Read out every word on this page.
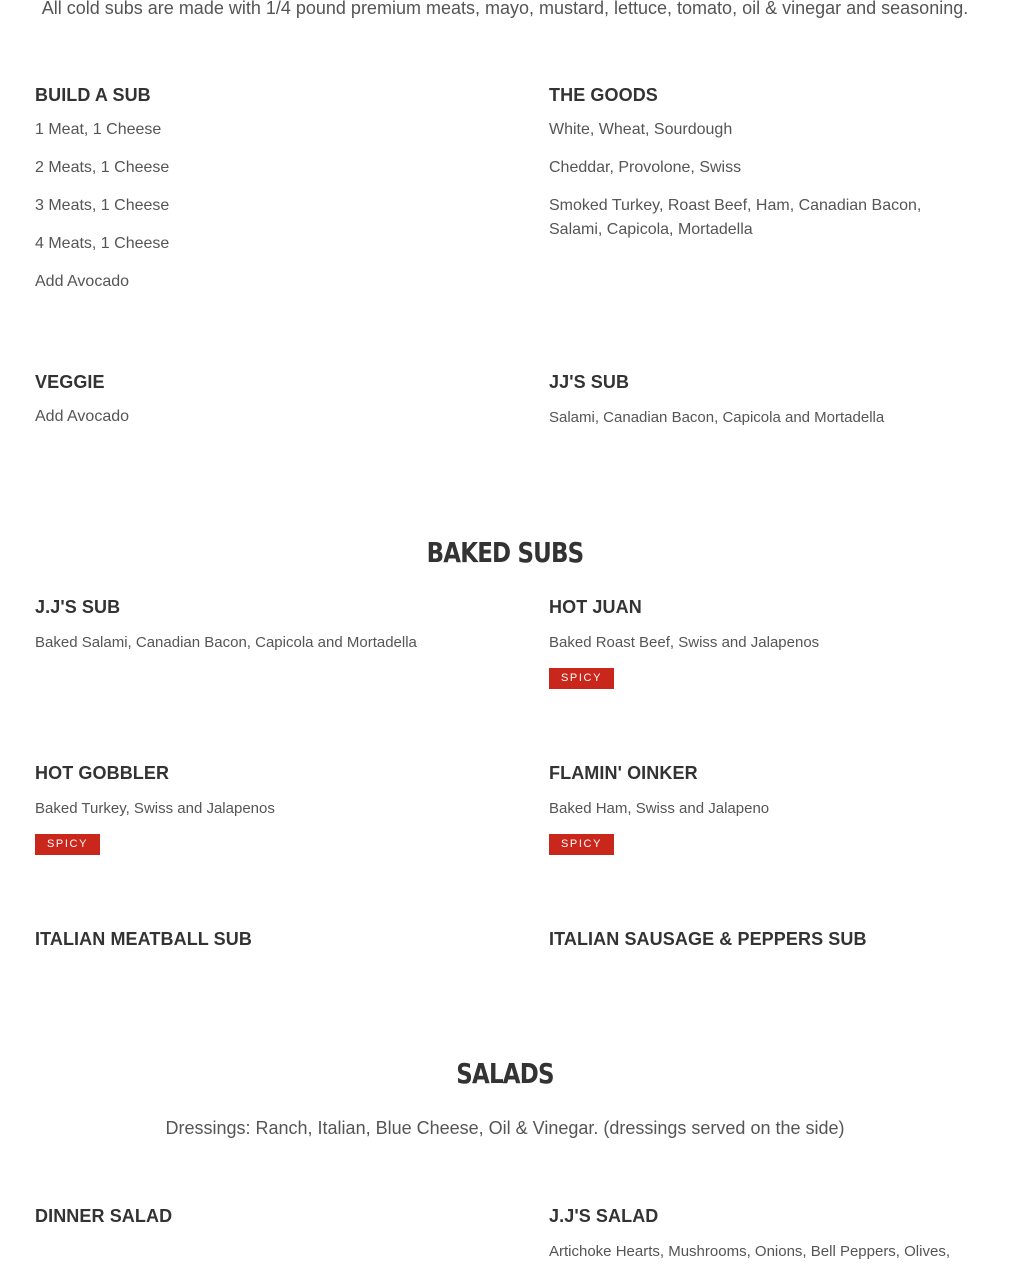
All cold subs are made with 1/4 pound premium meats, mayo, mustard, lettuce, tomato, oil & vinegar and seasoning.
BUILD A SUB
1 Meat, 1 Cheese
2 Meats, 1 Cheese
3 Meats, 1 Cheese
4 Meats, 1 Cheese
Add Avocado
THE GOODS
White, Wheat, Sourdough
Cheddar, Provolone, Swiss
Smoked Turkey, Roast Beef, Ham, Canadian Bacon, Salami, Capicola, Mortadella
VEGGIE
Add Avocado
JJ'S SUB
Salami, Canadian Bacon, Capicola and Mortadella
BAKED SUBS
J.J'S SUB
Baked Salami, Canadian Bacon, Capicola and Mortadella
HOT JUAN
Baked Roast Beef, Swiss and Jalapenos
SPICY
HOT GOBBLER
Baked Turkey, Swiss and Jalapenos
SPICY
FLAMIN' OINKER
Baked Ham, Swiss and Jalapeno
SPICY
ITALIAN MEATBALL SUB	ITALIAN SAUSAGE & PEPPERS SUB
SALADS
Dressings: Ranch, Italian, Blue Cheese, Oil & Vinegar. (dressings served on the side)
DINNER SALAD	J.J'S SALAD
Artichoke Hearts, Mushrooms, Onions, Bell Peppers, Olives,
